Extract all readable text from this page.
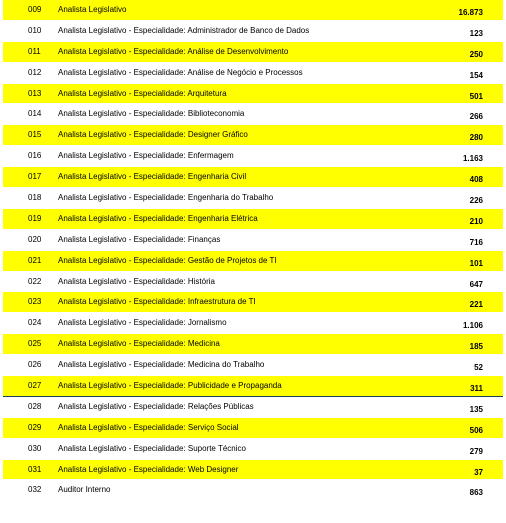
009 Analista Legislativo	16.873
010 Analista Legislativo - Especialidade: Administrador de Banco de Dados	123
011 Analista Legislativo - Especialidade: Análise de Desenvolvimento	250
012 Analista Legislativo - Especialidade: Análise de Negócio e Processos	154
013 Analista Legislativo - Especialidade: Arquitetura	501
014 Analista Legislativo - Especialidade: Biblioteconomia	266
015 Analista Legislativo - Especialidade: Designer Gráfico	280
016 Analista Legislativo - Especialidade: Enfermagem	1.163
017 Analista Legislativo - Especialidade: Engenharia Civil	408
018 Analista Legislativo - Especialidade: Engenharia do Trabalho	226
019 Analista Legislativo - Especialidade: Engenharia Elétrica	210
020 Analista Legislativo - Especialidade: Finanças	716
021 Analista Legislativo - Especialidade: Gestão de Projetos de TI	101
022 Analista Legislativo - Especialidade: História	647
023 Analista Legislativo - Especialidade: Infraestrutura de TI	221
024 Analista Legislativo - Especialidade: Jornalismo	1.106
025 Analista Legislativo - Especialidade: Medicina	185
026 Analista Legislativo - Especialidade: Medicina do Trabalho	52
027 Analista Legislativo - Especialidade: Publicidade e Propaganda	311
028 Analista Legislativo - Especialidade: Relações Públicas	135
029 Analista Legislativo - Especialidade: Serviço Social	506
030 Analista Legislativo - Especialidade: Suporte Técnico	279
031 Analista Legislativo - Especialidade: Web Designer	37
032 Auditor Interno	863
